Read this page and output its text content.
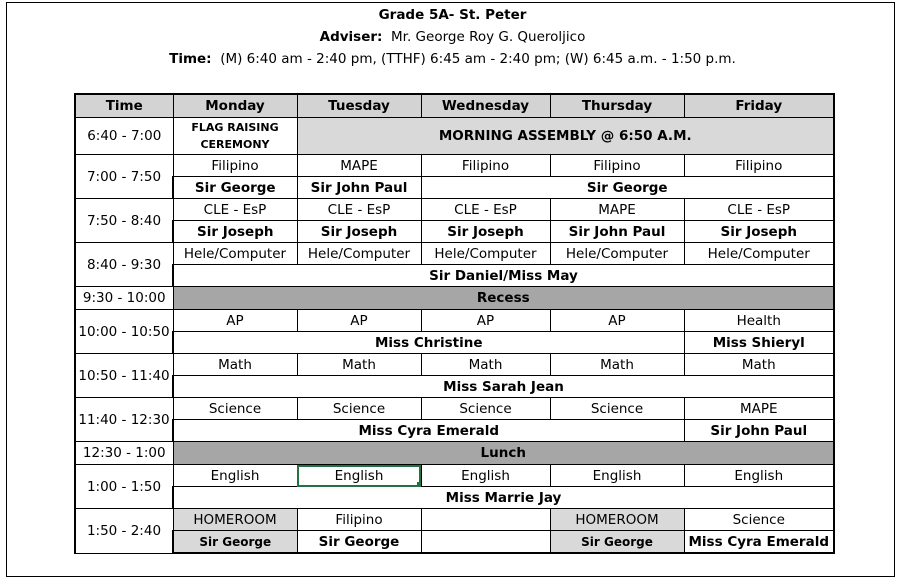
Grade 5A- St. Peter
Adviser: Mr. George Roy G. Queroljico
Time: (M) 6:40 am - 2:40 pm, (TTHF) 6:45 am - 2:40 pm; (W) 6:45 a.m. - 1:50 p.m.
Time	Monday	Tuesday	Wednesday	Thursday	Friday
6:40 - 7:00	FLAG RAISING CEREMONY	MORNING ASSEMBLY @ 6:50 A.M.			
7:00 - 7:50	Filipino	MAPE	Filipino	Filipino	Filipino
	Sir George	Sir John Paul	Sir George		
7:50 - 8:40	CLE - EsP	CLE - EsP	CLE - EsP	MAPE	CLE - EsP
	Sir Joseph	Sir Joseph	Sir Joseph	Sir John Paul	Sir Joseph
8:40 - 9:30	Hele/Computer	Hele/Computer	Hele/Computer	Hele/Computer	Hele/Computer
	Sir Daniel/Miss May				
9:30 - 10:00	Recess				
10:00 - 10:50	AP	AP	AP	AP	Health
	Miss Christine				Miss Shieryl
10:50 - 11:40	Math	Math	Math	Math	Math
	Miss Sarah Jean				
11:40 - 12:30	Science	Science	Science	Science	MAPE
	Miss Cyra Emerald				Sir John Paul
12:30 - 1:00	Lunch				
1:00 - 1:50	English	English	English	English	English
	Miss Marrie Jay				
1:50 - 2:40	HOMEROOM	Filipino		HOMEROOM	Science
	Sir George	Sir George		Sir George	Miss Cyra Emerald
